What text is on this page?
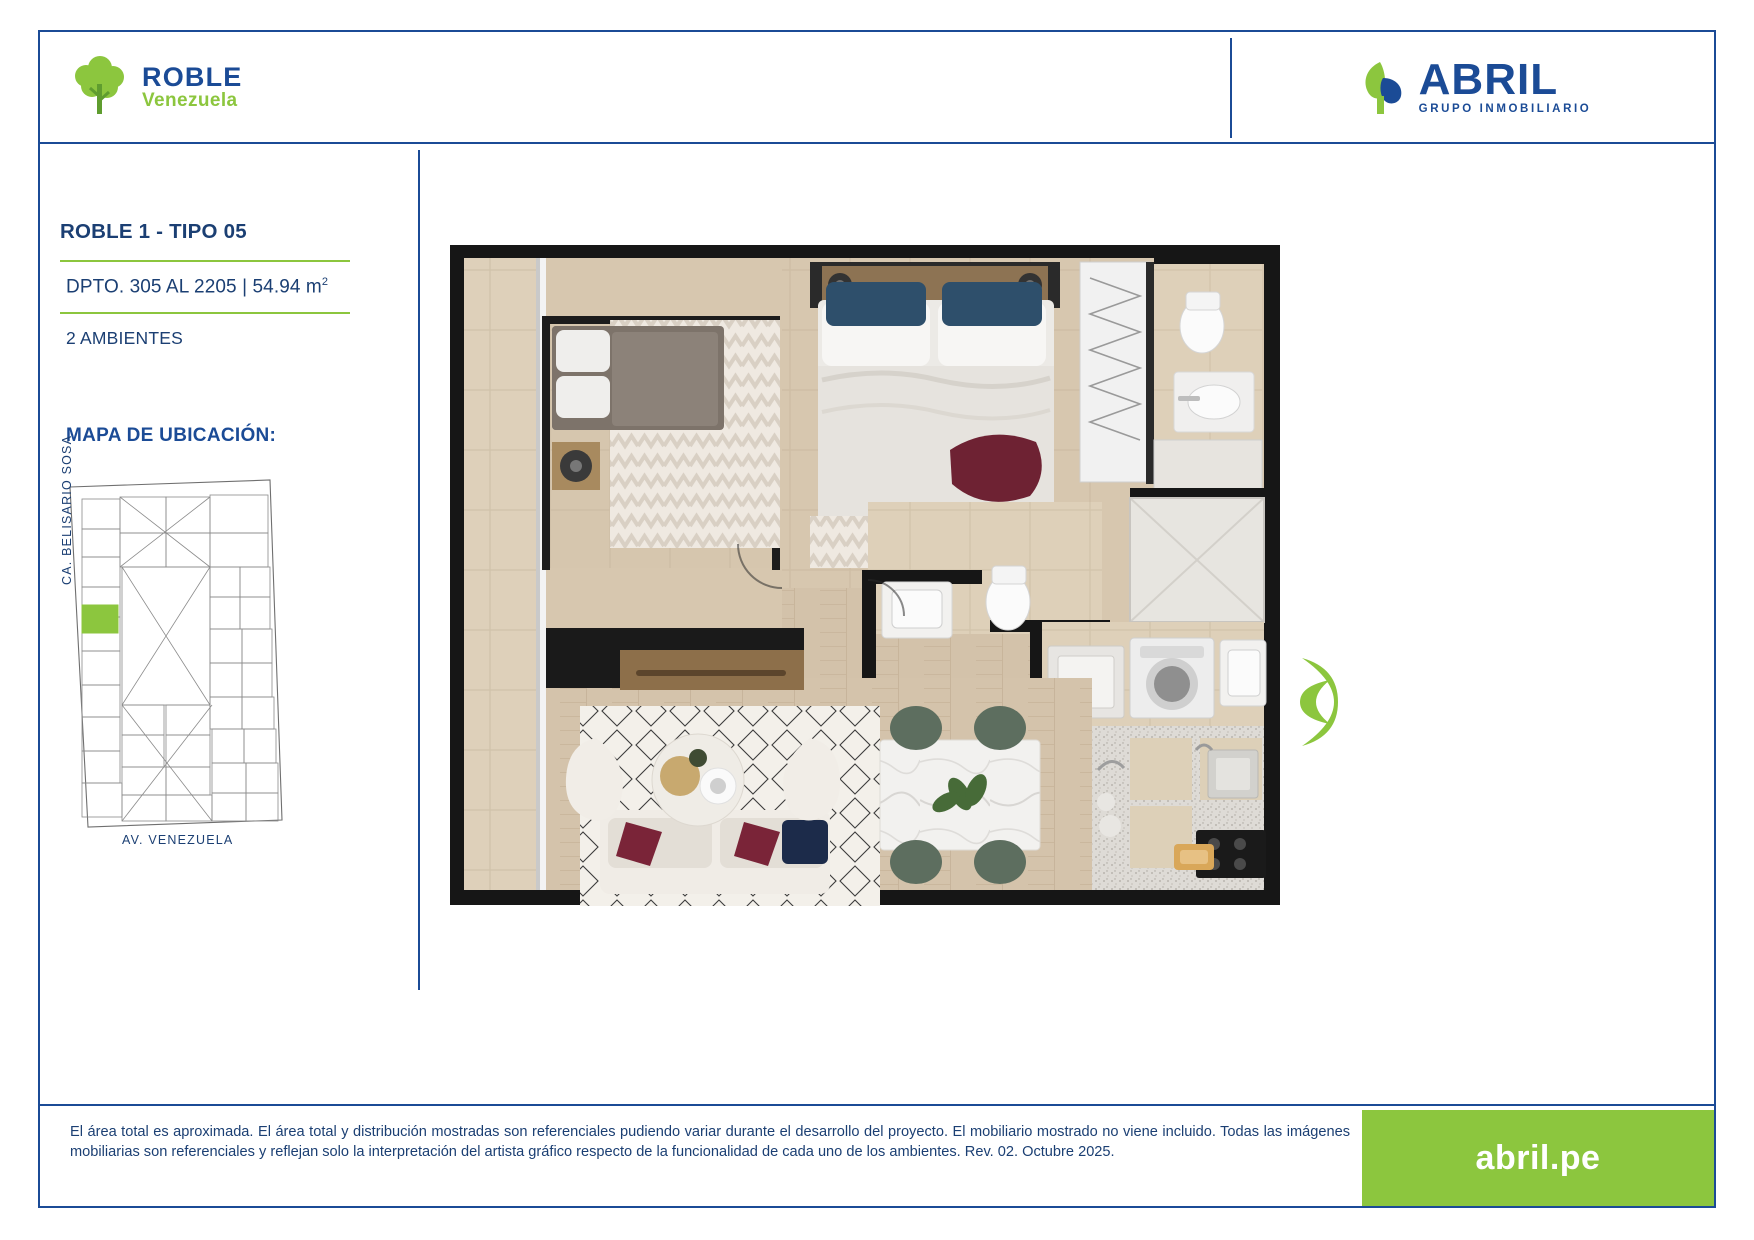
ROBLE
Venezuela	ABRIL
GRUPO INMOBILIARIO
ROBLE 1 - TIPO 05
DPTO. 305 AL 2205 | 54.94 $m^2$
2 AMBIENTES
MAPA DE UBICACIÓN:
CA. BELISARIO SOSA
AV. VENEZUELA
El área total es aproximada. El área total y distribución mostradas son referenciales pudiendo variar durante el desarrollo del proyecto. El mobiliario mostrado no viene incluido. Todas las imágenes mobiliarias son referenciales y reflejan solo la interpretación del artista gráfico respecto de la funcionalidad de cada uno de los ambientes. Rev. 02. Octubre 2025.	abril.pe
